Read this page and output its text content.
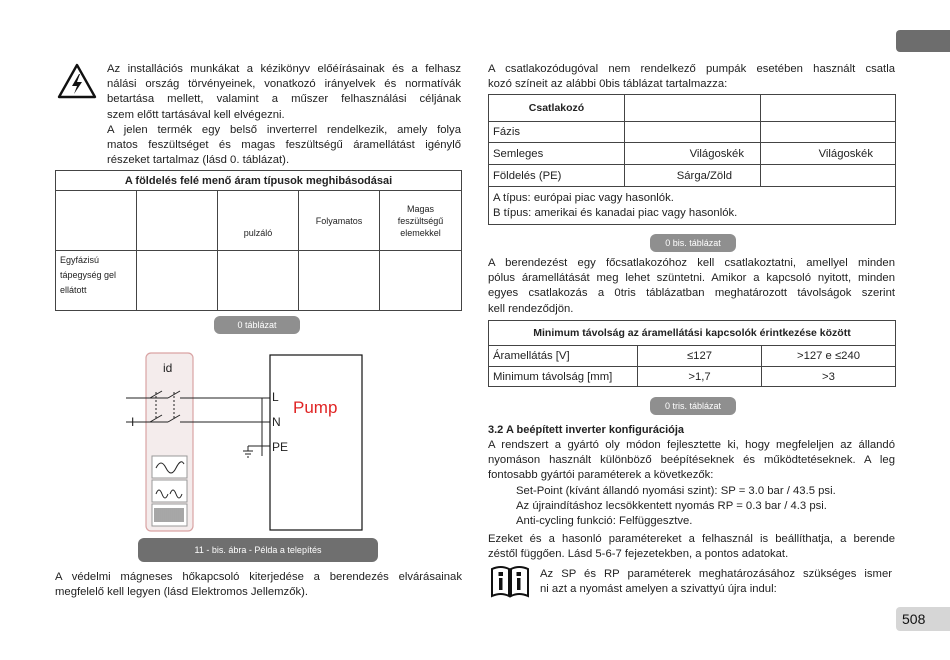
508
Az installációs munkákat a kézikönyv előéírásainak és a felhasz
nálási ország törvényeinek, vonatkozó irányelvek és normatívák
betartása mellett, valamint a műszer felhasználási céljának
szem előtt tartásával kell elvégezni.
A jelen termék egy belső inverterrel rendelkezik, amely folya
matos feszültséget és magas feszültségű áramellátást igénylő
részeket tartalmaz (lásd 0. táblázat).
A földelés felé menő áram típusok meghibásodásai				
		pulzáló	Folyamatos	Magas feszültségű elemekkel
Egyfázisú tápegység gel ellátott				
0 táblázat
id
I
L
N
PE
Pump
11 - bis. ábra - Példa a telepítés
A védelmi mágneses hőkapcsoló kiterjedése a berendezés elvárásainak
megfelelő kell legyen (lásd Elektromos Jellemzők).
A csatlakozódugóval nem rendelkező pumpák esetében használt csatla
kozó színeit az alábbi 0bis táblázat tartalmazza:
Csatlakozó		
Fázis		
Semleges	Világoskék	Világoskék
Földelés (PE)	Sárga/Zöld	

A típus: európai piac vagy hasonlók.
B típus: amerikai és kanadai piac vagy hasonlók.		
0 bis. táblázat
A berendezést egy főcsatlakozóhoz kell csatlakoztatni, amellyel minden
pólus áramellátását meg lehet szüntetni. Amikor a kapcsoló nyitott, minden
egyes csatlakozás a 0tris táblázatban meghatározott távolságok szerint
kell rendeződjön.
Minimum távolság az áramellátási kapcsolók érintkezése között		
Áramellátás [V]	≤127	>127 e ≤240
Minimum távolság [mm]	>1,7	>3
0 tris. táblázat
3.2 A beépített inverter konfigurációja
A rendszert a gyártó oly módon fejlesztette ki, hogy megfeleljen az állandó
nyomáson használt különböző beépítéseknek és működtetéseknek. A leg
fontosabb gyártói paraméterek a következők:
Set-Point (kívánt állandó nyomási szint): SP = 3.0 bar / 43.5 psi.
Az újraindításhoz lecsökkentett nyomás RP = 0.3 bar / 4.3 psi.
Anti-cycling funkció: Felfüggesztve.
Ezeket és a hasonló paramétereket a felhasznál is beállíthatja, a berende
zéstől függően. Lásd 5-6-7 fejezetekben, a pontos adatokat.
Az SP és RP paraméterek meghatározásához szükséges ismer
ni azt a nyomást amelyen a szivattyú újra indul:
